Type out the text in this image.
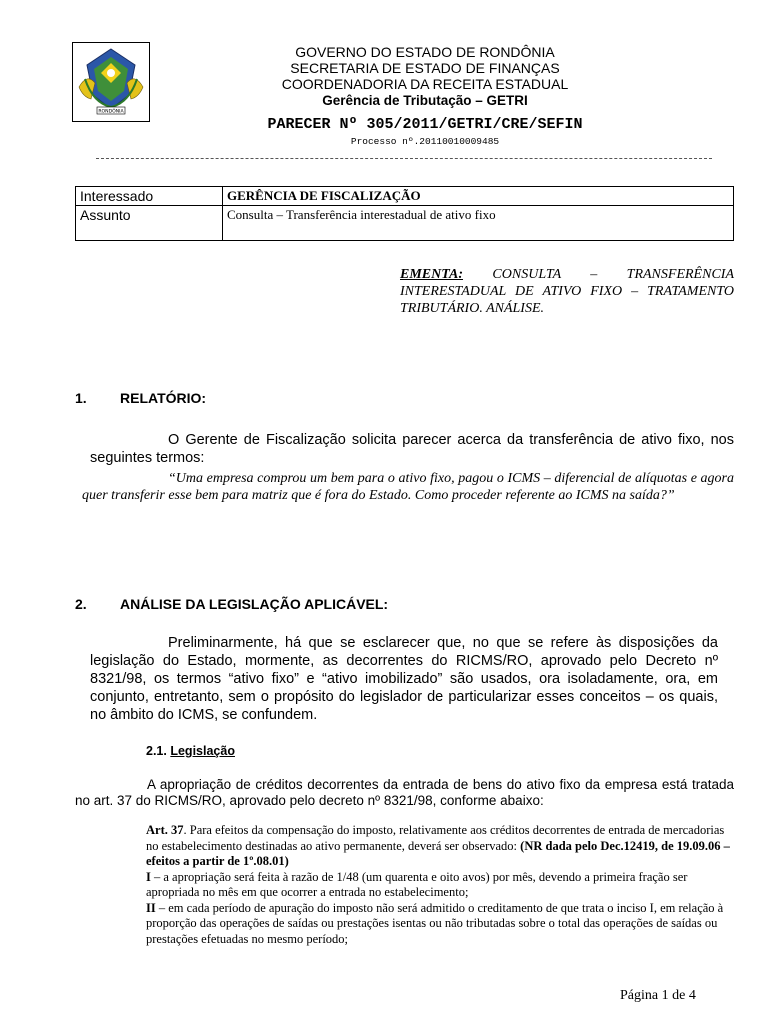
RONDÔNIA
GOVERNO DO ESTADO DE RONDÔNIA
SECRETARIA DE ESTADO DE FINANÇAS
COORDENADORIA DA RECEITA ESTADUAL
Gerência de Tributação – GETRI
PARECER Nº 305/2011/GETRI/CRE/SEFIN
Processo nº.20110010009485
Interessado	GERÊNCIA DE FISCALIZAÇÃO
Assunto	Consulta – Transferência interestadual de ativo fixo
EMENTA: CONSULTA – TRANSFERÊNCIA INTERESTADUAL DE ATIVO FIXO – TRATAMENTO TRIBUTÁRIO. ANÁLISE.
1. RELATÓRIO:
O Gerente de Fiscalização solicita parecer acerca da transferência de ativo fixo, nos seguintes termos:
“Uma empresa comprou um bem para o ativo fixo, pagou o ICMS – diferencial de alíquotas e agora quer transferir esse bem para matriz que é fora do Estado. Como proceder referente ao ICMS na saída?”
2. ANÁLISE DA LEGISLAÇÃO APLICÁVEL:
Preliminarmente, há que se esclarecer que, no que se refere às disposições da legislação do Estado, mormente, as decorrentes do RICMS/RO, aprovado pelo Decreto nº 8321/98, os termos “ativo fixo” e “ativo imobilizado” são usados, ora isoladamente, ora, em conjunto, entretanto, sem o propósito do legislador de particularizar esses conceitos – os quais, no âmbito do ICMS, se confundem.
2.1. Legislação
A apropriação de créditos decorrentes da entrada de bens do ativo fixo da empresa está tratada no art. 37 do RICMS/RO, aprovado pelo decreto nº 8321/98, conforme abaixo:
Art. 37. Para efeitos da compensação do imposto, relativamente aos créditos decorrentes de entrada de mercadorias no estabelecimento destinadas ao ativo permanente, deverá ser observado: (NR dada pelo Dec.12419, de 19.09.06 – efeitos a partir de 1º.08.01)
I – a apropriação será feita à razão de 1/48 (um quarenta e oito avos) por mês, devendo a primeira fração ser apropriada no mês em que ocorrer a entrada no estabelecimento;
II – em cada período de apuração do imposto não será admitido o creditamento de que trata o inciso I, em relação à proporção das operações de saídas ou prestações isentas ou não tributadas sobre o total das operações de saídas ou prestações efetuadas no mesmo período;
Página 1 de 4
